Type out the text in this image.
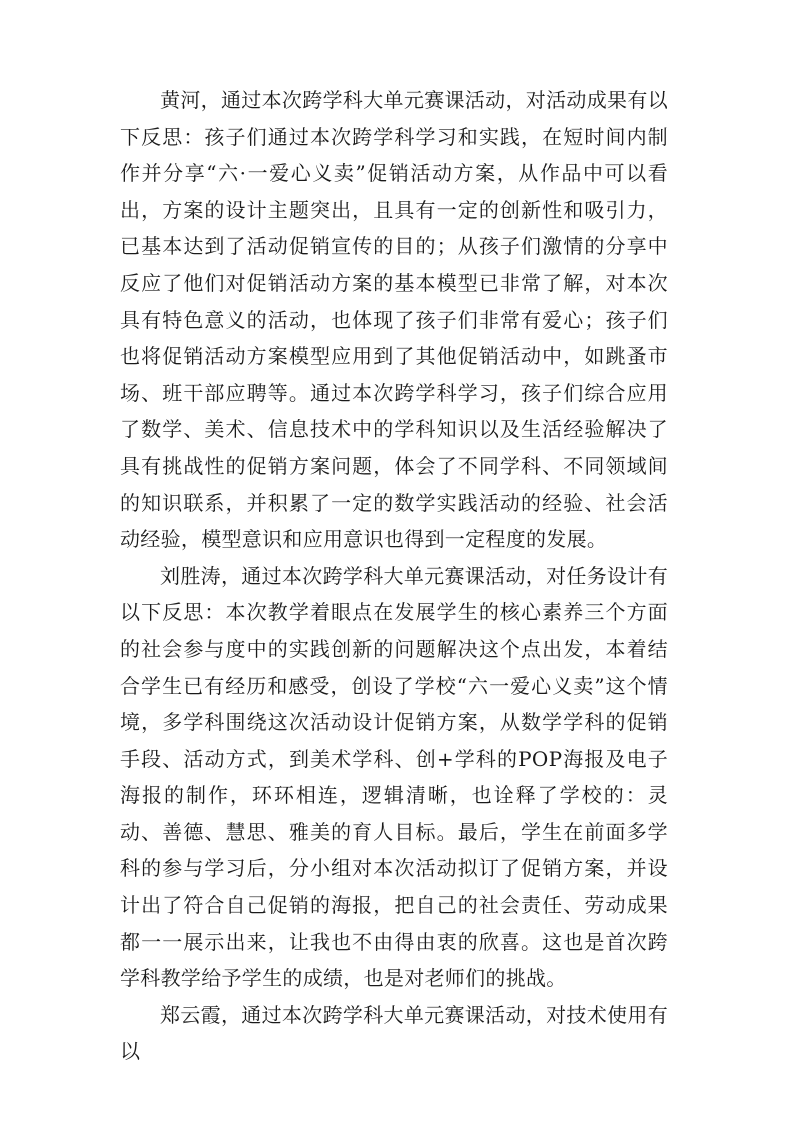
黄河，通过本次跨学科大单元赛课活动，对活动成果有以下反思：孩子们通过本次跨学科学习和实践，在短时间内制作并分享“六·一爱心义卖”促销活动方案，从作品中可以看出，方案的设计主题突出，且具有一定的创新性和吸引力，已基本达到了活动促销宣传的目的；从孩子们激情的分享中反应了他们对促销活动方案的基本模型已非常了解，对本次具有特色意义的活动，也体现了孩子们非常有爱心；孩子们也将促销活动方案模型应用到了其他促销活动中，如跳蚤市场、班干部应聘等。通过本次跨学科学习，孩子们综合应用了数学、美术、信息技术中的学科知识以及生活经验解决了具有挑战性的促销方案问题，体会了不同学科、不同领域间的知识联系，并积累了一定的数学实践活动的经验、社会活动经验，模型意识和应用意识也得到一定程度的发展。

刘胜涛，通过本次跨学科大单元赛课活动，对任务设计有以下反思：本次教学着眼点在发展学生的核心素养三个方面的社会参与度中的实践创新的问题解决这个点出发，本着结合学生已有经历和感受，创设了学校“六一爱心义卖”这个情境，多学科围绕这次活动设计促销方案，从数学学科的促销手段、活动方式，到美术学科、创+学科的POP海报及电子海报的制作，环环相连，逻辑清晰，也诠释了学校的：灵动、善德、慧思、雅美的育人目标。最后，学生在前面多学科的参与学习后，分小组对本次活动拟订了促销方案，并设计出了符合自己促销的海报，把自己的社会责任、劳动成果都一一展示出来，让我也不由得由衷的欣喜。这也是首次跨学科教学给予学生的成绩，也是对老师们的挑战。

郑云霞，通过本次跨学科大单元赛课活动，对技术使用有以
